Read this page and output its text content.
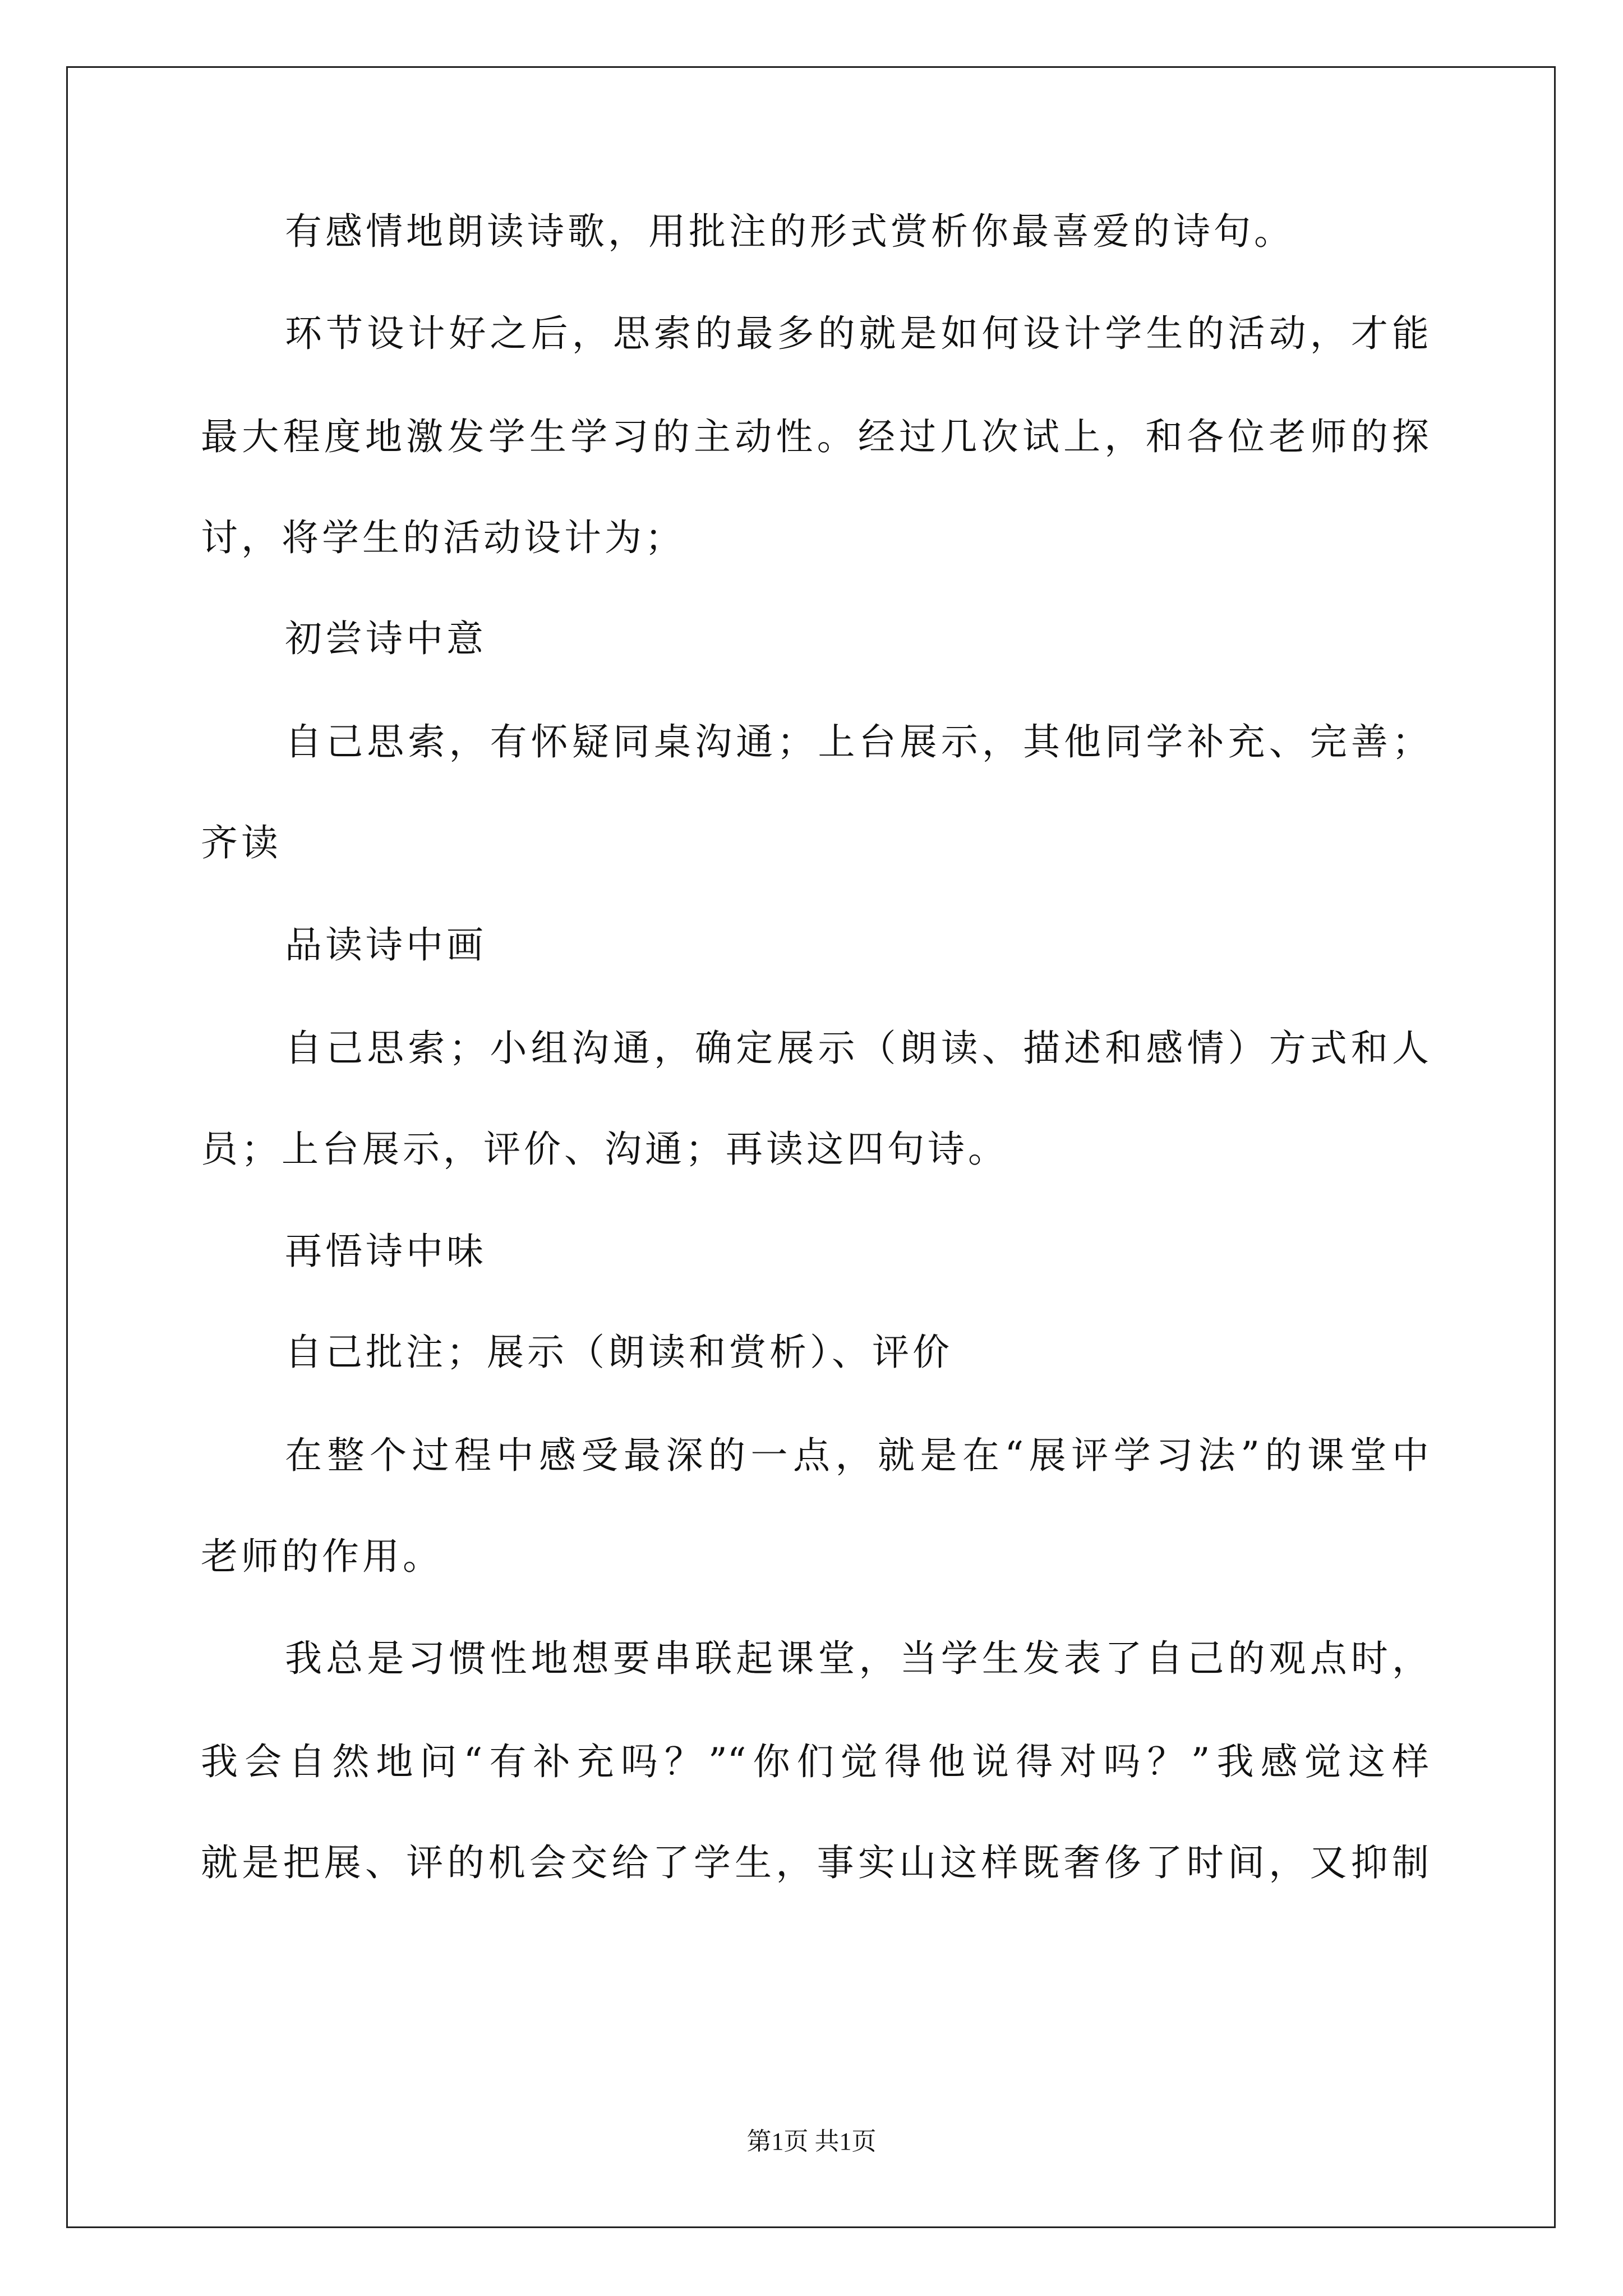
有感情地朗读诗歌，用批注的形式赏析你最喜爱的诗句。
环节设计好之后，思索的最多的就是如何设计学生的活动，才能
最大程度地激发学生学习的主动性。经过几次试上，和各位老师的探
讨，将学生的活动设计为；
初尝诗中意
自己思索，有怀疑同桌沟通；上台展示，其他同学补充、完善；
齐读
品读诗中画
自己思索；小组沟通，确定展示（朗读、描述和感情）方式和人
员；上台展示，评价、沟通；再读这四句诗。
再悟诗中味
自己批注；展示（朗读和赏析）、评价
在整个过程中感受最深的一点，就是在“展评学习法”的课堂中
老师的作用。
我总是习惯性地想要串联起课堂，当学生发表了自己的观点时，
我会自然地问“有补充吗？”“你们觉得他说得对吗？”我感觉这样
就是把展、评的机会交给了学生，事实山这样既奢侈了时间，又抑制
第1页 共1页
